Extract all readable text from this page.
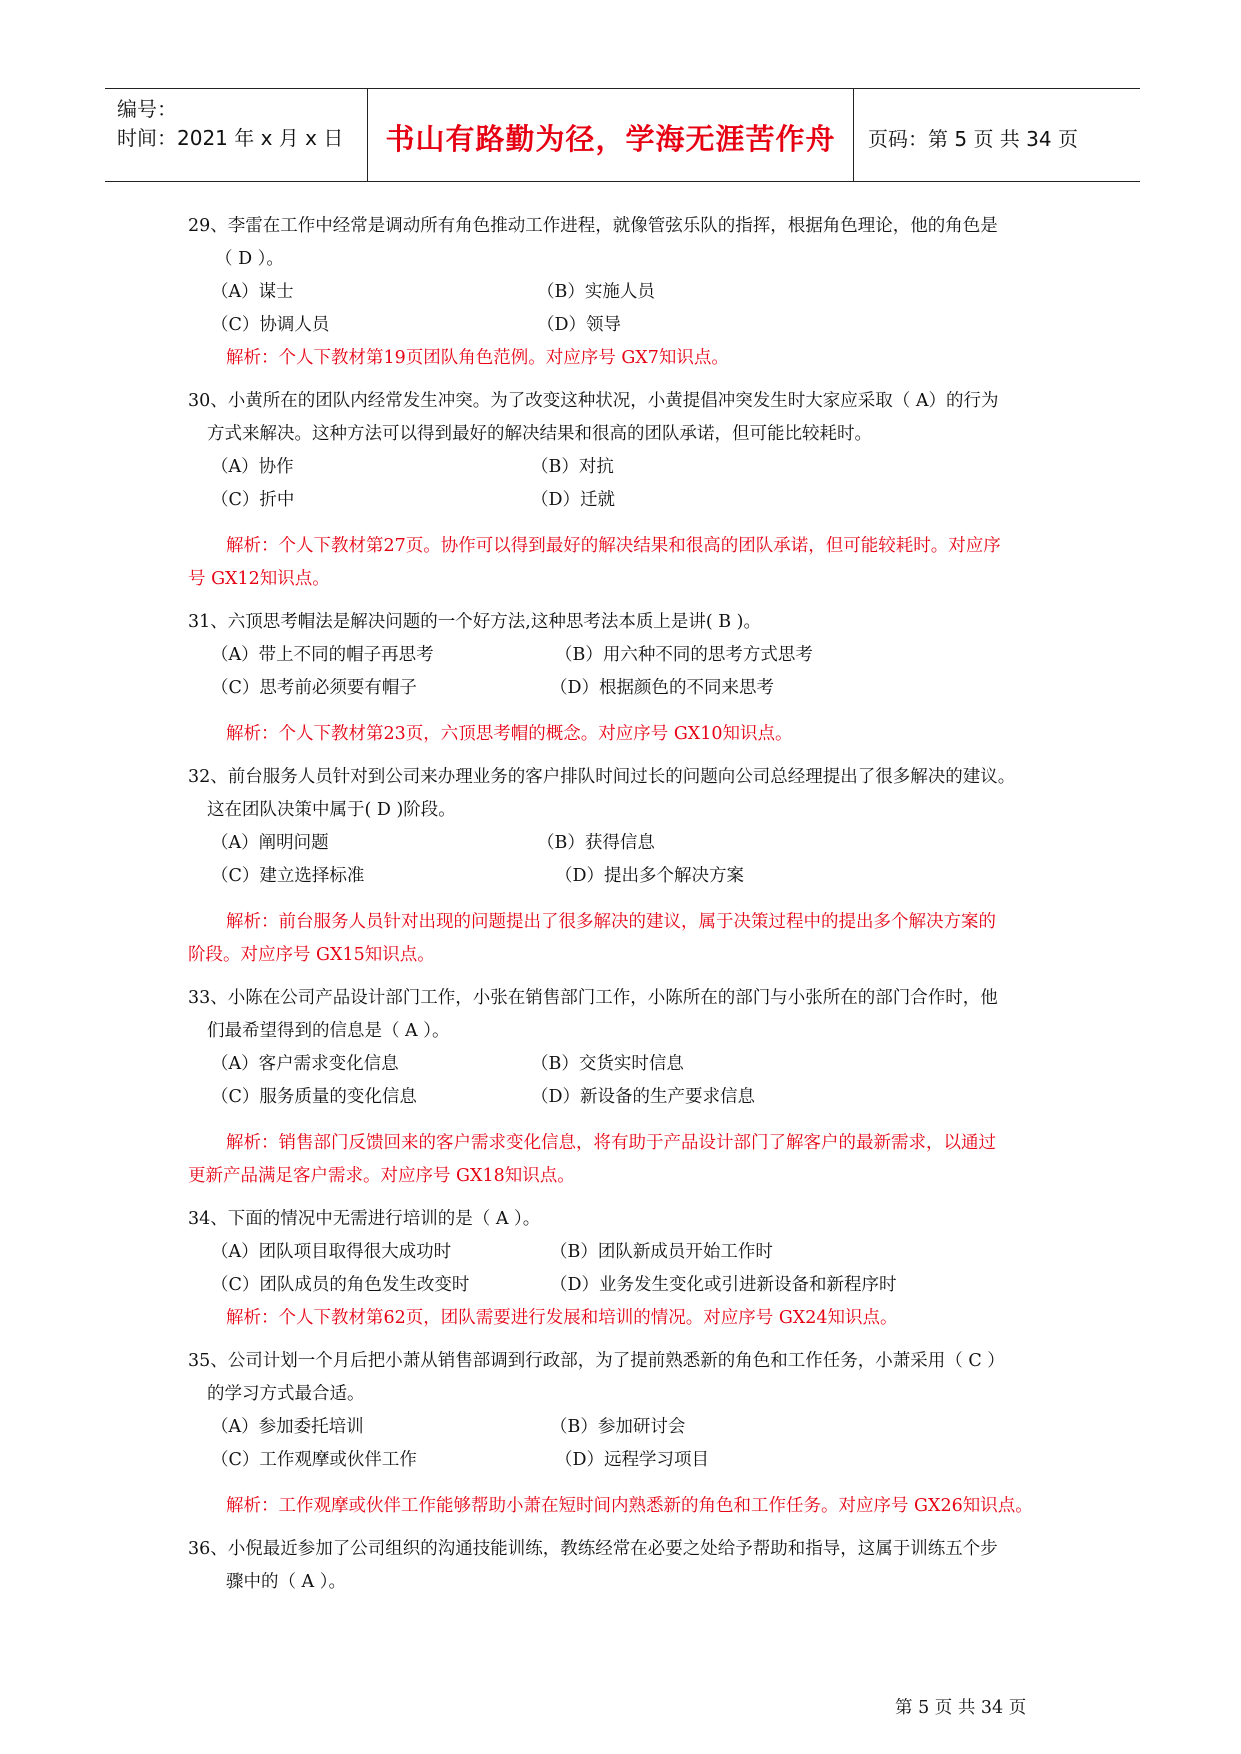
编号：
时间：2021 年 x 月 x 日	书山有路勤为径，学海无涯苦作舟	页码：第 5 页 共 34 页
29、李雷在工作中经常是调动所有角色推动工作进程，就像管弦乐队的指挥，根据角色理论，他的角色是
（ D ）。
（A）谋士	（B）实施人员
（C）协调人员	（D）领导
解析：个人下教材第19页团队角色范例。对应序号 GX7知识点。
30、小黄所在的团队内经常发生冲突。为了改变这种状况，小黄提倡冲突发生时大家应采取（ A）的行为
方式来解决。这种方法可以得到最好的解决结果和很高的团队承诺，但可能比较耗时。
（A）协作	（B）对抗
（C）折中	（D）迁就
解析：个人下教材第27页。协作可以得到最好的解决结果和很高的团队承诺，但可能较耗时。对应序
号 GX12知识点。
31、六顶思考帽法是解决问题的一个好方法,这种思考法本质上是讲( B )。
（A）带上不同的帽子再思考	（B）用六种不同的思考方式思考
（C）思考前必须要有帽子	（D）根据颜色的不同来思考
解析：个人下教材第23页，六顶思考帽的概念。对应序号 GX10知识点。
32、前台服务人员针对到公司来办理业务的客户排队时间过长的问题向公司总经理提出了很多解决的建议。
这在团队决策中属于( D )阶段。
（A）阐明问题	（B）获得信息
（C）建立选择标准	（D）提出多个解决方案
解析：前台服务人员针对出现的问题提出了很多解决的建议，属于决策过程中的提出多个解决方案的
阶段。对应序号 GX15知识点。
33、小陈在公司产品设计部门工作，小张在销售部门工作，小陈所在的部门与小张所在的部门合作时，他
们最希望得到的信息是（ A ）。
（A）客户需求变化信息	（B）交货实时信息
（C）服务质量的变化信息	（D）新设备的生产要求信息
解析：销售部门反馈回来的客户需求变化信息，将有助于产品设计部门了解客户的最新需求，以通过
更新产品满足客户需求。对应序号 GX18知识点。
34、下面的情况中无需进行培训的是（ A ）。
（A）团队项目取得很大成功时	（B）团队新成员开始工作时
（C）团队成员的角色发生改变时	（D）业务发生变化或引进新设备和新程序时
解析：个人下教材第62页，团队需要进行发展和培训的情况。对应序号 GX24知识点。
35、公司计划一个月后把小萧从销售部调到行政部，为了提前熟悉新的角色和工作任务，小萧采用（ C ）
的学习方式最合适。
（A）参加委托培训	（B）参加研讨会
（C）工作观摩或伙伴工作	（D）远程学习项目
解析：工作观摩或伙伴工作能够帮助小萧在短时间内熟悉新的角色和工作任务。对应序号 GX26知识点。
36、小倪最近参加了公司组织的沟通技能训练，教练经常在必要之处给予帮助和指导，这属于训练五个步
骤中的（ A ）。
第 5 页 共 34 页
